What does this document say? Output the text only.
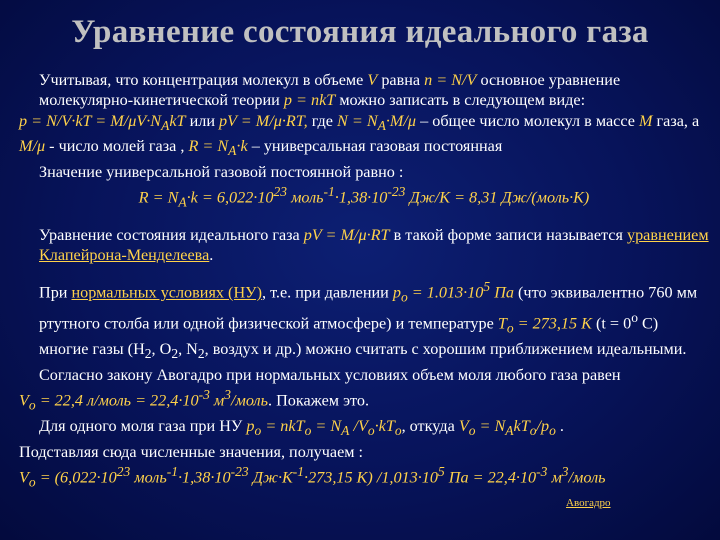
Уравнение состояния идеального газа

Учитывая, что концентрация молекул в объеме V равна n = N/V основное уравнение молекулярно-кинетической теории p = nkT можно записать в следующем виде:

$p = N/V\cdot kT = M/\mu V\cdot N_AkT$ или pV = M/μ·RT, где $N = N_A\cdot M/\mu$ – общее число молекул в массе M газа, а M/μ - число молей газа , $R = N_A\cdot k$ – универсальная газовая постоянная

Значение универсальной газовой постоянной равно :

$R = N_A\cdot k = 6,022\cdot 10^{23}$ $моль^{-1}\cdot 1,38\cdot 10^{-23}$ Дж/К = 8,31 Дж/(моль·К)

Уравнение состояния идеального газа pV = M/μ·RT в такой форме записи называется уравнением Клапейрона-Менделеева.

При нормальных условиях (НУ), т.е. при давлении $p_o = 1.013\cdot 10^5$ Па (что эквивалентно 760 мм ртутного столба или одной физической атмосфере) и температуре $T_o = 273,15$ К ($t = 0^o$ С) многие газы ($Н_2$, $О_2$, $N_2$, воздух и др.) можно считать с хорошим приближением идеальными.

Согласно закону Авогадро при нормальных условиях объем моля любого газа равен

$V_o = 22,4$ л/моль = $22,4\cdot 10^{-3}$ $м^3$/моль. Покажем это.

Для одного моля газа при НУ $p_o = nkT_o = N_A$ $/V_o\cdot kT_o$, откуда $V_o = N_AkT_o/p_o$ .

Подставляя сюда численные значения, получаем :

$V_o = (6,022\cdot 10^{23}$ $моль^{-1}\cdot 1,38\cdot 10^{-23}$ $Дж\cdot К^{-1}\cdot 273,15$ К) $/1,013\cdot 10^5$ Па = $22,4\cdot 10^{-3}$ $м^3$/моль

Авогадро
